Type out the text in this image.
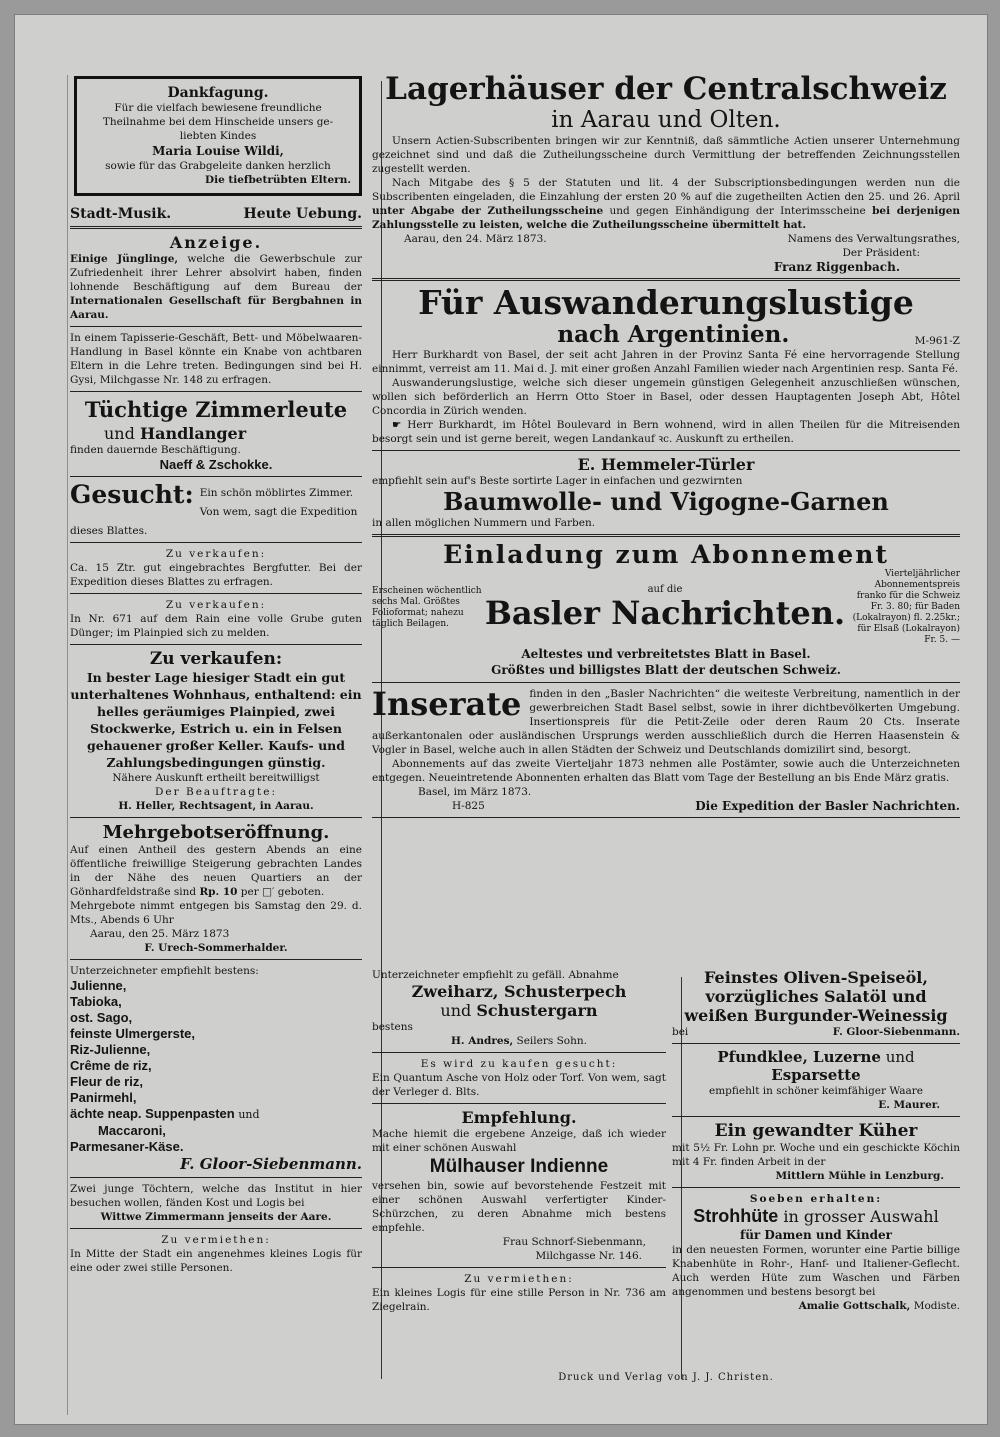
Dankfagung.
Für die vielfach bewiesene freundliche Theilnahme bei dem Hinscheide unsers ge-liebten Kindes
Maria Louise Wildi,
sowie für das Grabgeleite danken herzlich
Die tiefbetrübten Eltern.
Stadt-Musik.	Heute Uebung.
Anzeige.
Einige Jünglinge, welche die Gewerbschule zur Zufriedenheit ihrer Lehrer absolvirt haben, finden lohnende Beschäftigung auf dem Bureau der Internationalen Gesellschaft für Bergbahnen in Aarau.
In einem Tapisserie-Geschäft, Bett- und Möbelwaaren-Handlung in Basel könnte ein Knabe von achtbaren Eltern in die Lehre treten. Bedingungen sind bei H. Gysi, Milchgasse Nr. 148 zu erfragen.
Tüchtige Zimmerleute
und Handlanger
finden dauernde Beschäftigung.
Naeff & Zschokke.
Gesucht: Ein schön möblirtes Zimmer. Von wem, sagt die Expedition dieses Blattes.
Zu verkaufen:
Ca. 15 Ztr. gut eingebrachtes Bergfutter. Bei der Expedition dieses Blattes zu erfragen.
Zu verkaufen:
In Nr. 671 auf dem Rain eine volle Grube guten Dünger; im Plainpied sich zu melden.
Zu verkaufen:
In bester Lage hiesiger Stadt ein gut unterhaltenes Wohnhaus, enthaltend: ein helles geräumiges Plainpied, zwei Stockwerke, Estrich u. ein in Felsen gehauener großer Keller. Kaufs- und Zahlungsbedingungen günstig.
Nähere Auskunft ertheilt bereitwilligst
Der Beauftragte:
H. Heller, Rechtsagent, in Aarau.
Mehrgebotseröffnung.
Auf einen Antheil des gestern Abends an eine öffentliche freiwillige Steigerung gebrachten Landes in der Nähe des neuen Quartiers an der Gönhardfeldstraße sind Rp. 10 per □′ geboten.
Mehrgebote nimmt entgegen bis Samstag den 29. d. Mts., Abends 6 Uhr
Aarau, den 25. März 1873
F. Urech-Sommerhalder.
Unterzeichneter empfiehlt bestens:
Julienne,
Tabioka,
ost. Sago,
feinste Ulmergerste,
Riz-Julienne,
Crême de riz,
Fleur de riz,
Panirmehl,
ächte neap. Suppenpasten und
Maccaroni,
Parmesaner-Käse.
F. Gloor-Siebenmann.
Zwei junge Töchtern, welche das Institut in hier besuchen wollen, fänden Kost und Logis bei
Wittwe Zimmermann jenseits der Aare.
Zu vermiethen:
In Mitte der Stadt ein angenehmes kleines Logis für eine oder zwei stille Personen.
Lagerhäuser der Centralschweiz
in Aarau und Olten.
Unsern Actien-Subscribenten bringen wir zur Kenntniß, daß sämmtliche Actien unserer Unternehmung gezeichnet sind und daß die Zutheilungsscheine durch Vermittlung der betreffenden Zeichnungsstellen zugestellt werden.
Nach Mitgabe des § 5 der Statuten und lit. 4 der Subscriptionsbedingungen werden nun die Subscribenten eingeladen, die Einzahlung der ersten 20 % auf die zugetheilten Actien den 25. und 26. April unter Abgabe der Zutheilungsscheine und gegen Einhändigung der Interimsscheine bei derjenigen Zahlungsstelle zu leisten, welche die Zutheilungsscheine übermittelt hat.
Aarau, den 24. März 1873.	Namens des Verwaltungsrathes,
Der Präsident:
Franz Riggenbach.
Für Auswanderungslustige
nach Argentinien.	M-961-Z
Herr Burkhardt von Basel, der seit acht Jahren in der Provinz Santa Fé eine hervorragende Stellung einnimmt, verreist am 11. Mai d. J. mit einer großen Anzahl Familien wieder nach Argentinien resp. Santa Fé.
Auswanderungslustige, welche sich dieser ungemein günstigen Gelegenheit anzuschließen wünschen, wollen sich beförderlich an Herrn Otto Stoer in Basel, oder dessen Hauptagenten Joseph Abt, Hôtel Concordia in Zürich wenden.
☛ Herr Burkhardt, im Hôtel Boulevard in Bern wohnend, wird in allen Theilen für die Mitreisenden besorgt sein und ist gerne bereit, wegen Landankauf ꝛc. Auskunft zu ertheilen.
E. Hemmeler-Türler
empfiehlt sein auf's Beste sortirte Lager in einfachen und gezwirnten
Baumwolle- und Vigogne-Garnen
in allen möglichen Nummern und Farben.
Einladung zum Abonnement
Erscheinen wöchentlich sechs Mal. Größtes Folioformat; nahezu täglich Beilagen.
auf die
Basler Nachrichten.
Vierteljährlicher Abonnementspreis franko für die Schweiz Fr. 3. 80; für Baden (Lokalrayon) fl. 2.25kr.; für Elsaß (Lokalrayon) Fr. 5. —
Aeltestes und verbreitetstes Blatt in Basel.
Größtes und billigstes Blatt der deutschen Schweiz.
Inserate finden in den „Basler Nachrichten“ die weiteste Verbreitung, namentlich in der gewerbreichen Stadt Basel selbst, sowie in ihrer dichtbevölkerten Umgebung. Insertionspreis für die Petit-Zeile oder deren Raum 20 Cts. Inserate außerkantonalen oder ausländischen Ursprungs werden ausschließlich durch die Herren Haasenstein & Vogler in Basel, welche auch in allen Städten der Schweiz und Deutschlands domizilirt sind, besorgt.
Abonnements auf das zweite Vierteljahr 1873 nehmen alle Postämter, sowie auch die Unterzeichneten entgegen. Neueintretende Abonnenten erhalten das Blatt vom Tage der Bestellung an bis Ende März gratis.
Basel, im März 1873.
H-825	Die Expedition der Basler Nachrichten.
Unterzeichneter empfiehlt zu gefäll. Abnahme
Zweiharz, Schusterpech
und Schustergarn
bestens
H. Andres, Seilers Sohn.
Es wird zu kaufen gesucht:
Ein Quantum Asche von Holz oder Torf. Von wem, sagt der Verleger d. Blts.
Empfehlung.
Mache hiemit die ergebene Anzeige, daß ich wieder mit einer schönen Auswahl
Mülhauser Indienne
versehen bin, sowie auf bevorstehende Festzeit mit einer schönen Auswahl verfertigter Kinder-Schürzchen, zu deren Abnahme mich bestens empfehle.
Frau Schnorf-Siebenmann,
Milchgasse Nr. 146.
Zu vermiethen:
Ein kleines Logis für eine stille Person in Nr. 736 am Ziegelrain.
Feinstes Oliven-Speiseöl,
vorzügliches Salatöl und
weißen Burgunder-Weinessig
bei	F. Gloor-Siebenmann.
Pfundklee, Luzerne und
Esparsette
empfiehlt in schöner keimfähiger Waare
E. Maurer.
Ein gewandter Küher
mit 5½ Fr. Lohn pr. Woche und ein geschickte Köchin mit 4 Fr. finden Arbeit in der
Mittlern Mühle in Lenzburg.
Soeben erhalten:
Strohhüte in grosser Auswahl
für Damen und Kinder
in den neuesten Formen, worunter eine Partie billige Knabenhüte in Rohr-, Hanf- und Italiener-Geflecht. Auch werden Hüte zum Waschen und Färben angenommen und bestens besorgt bei
Amalie Gottschalk, Modiste.
Druck und Verlag von J. J. Christen.
